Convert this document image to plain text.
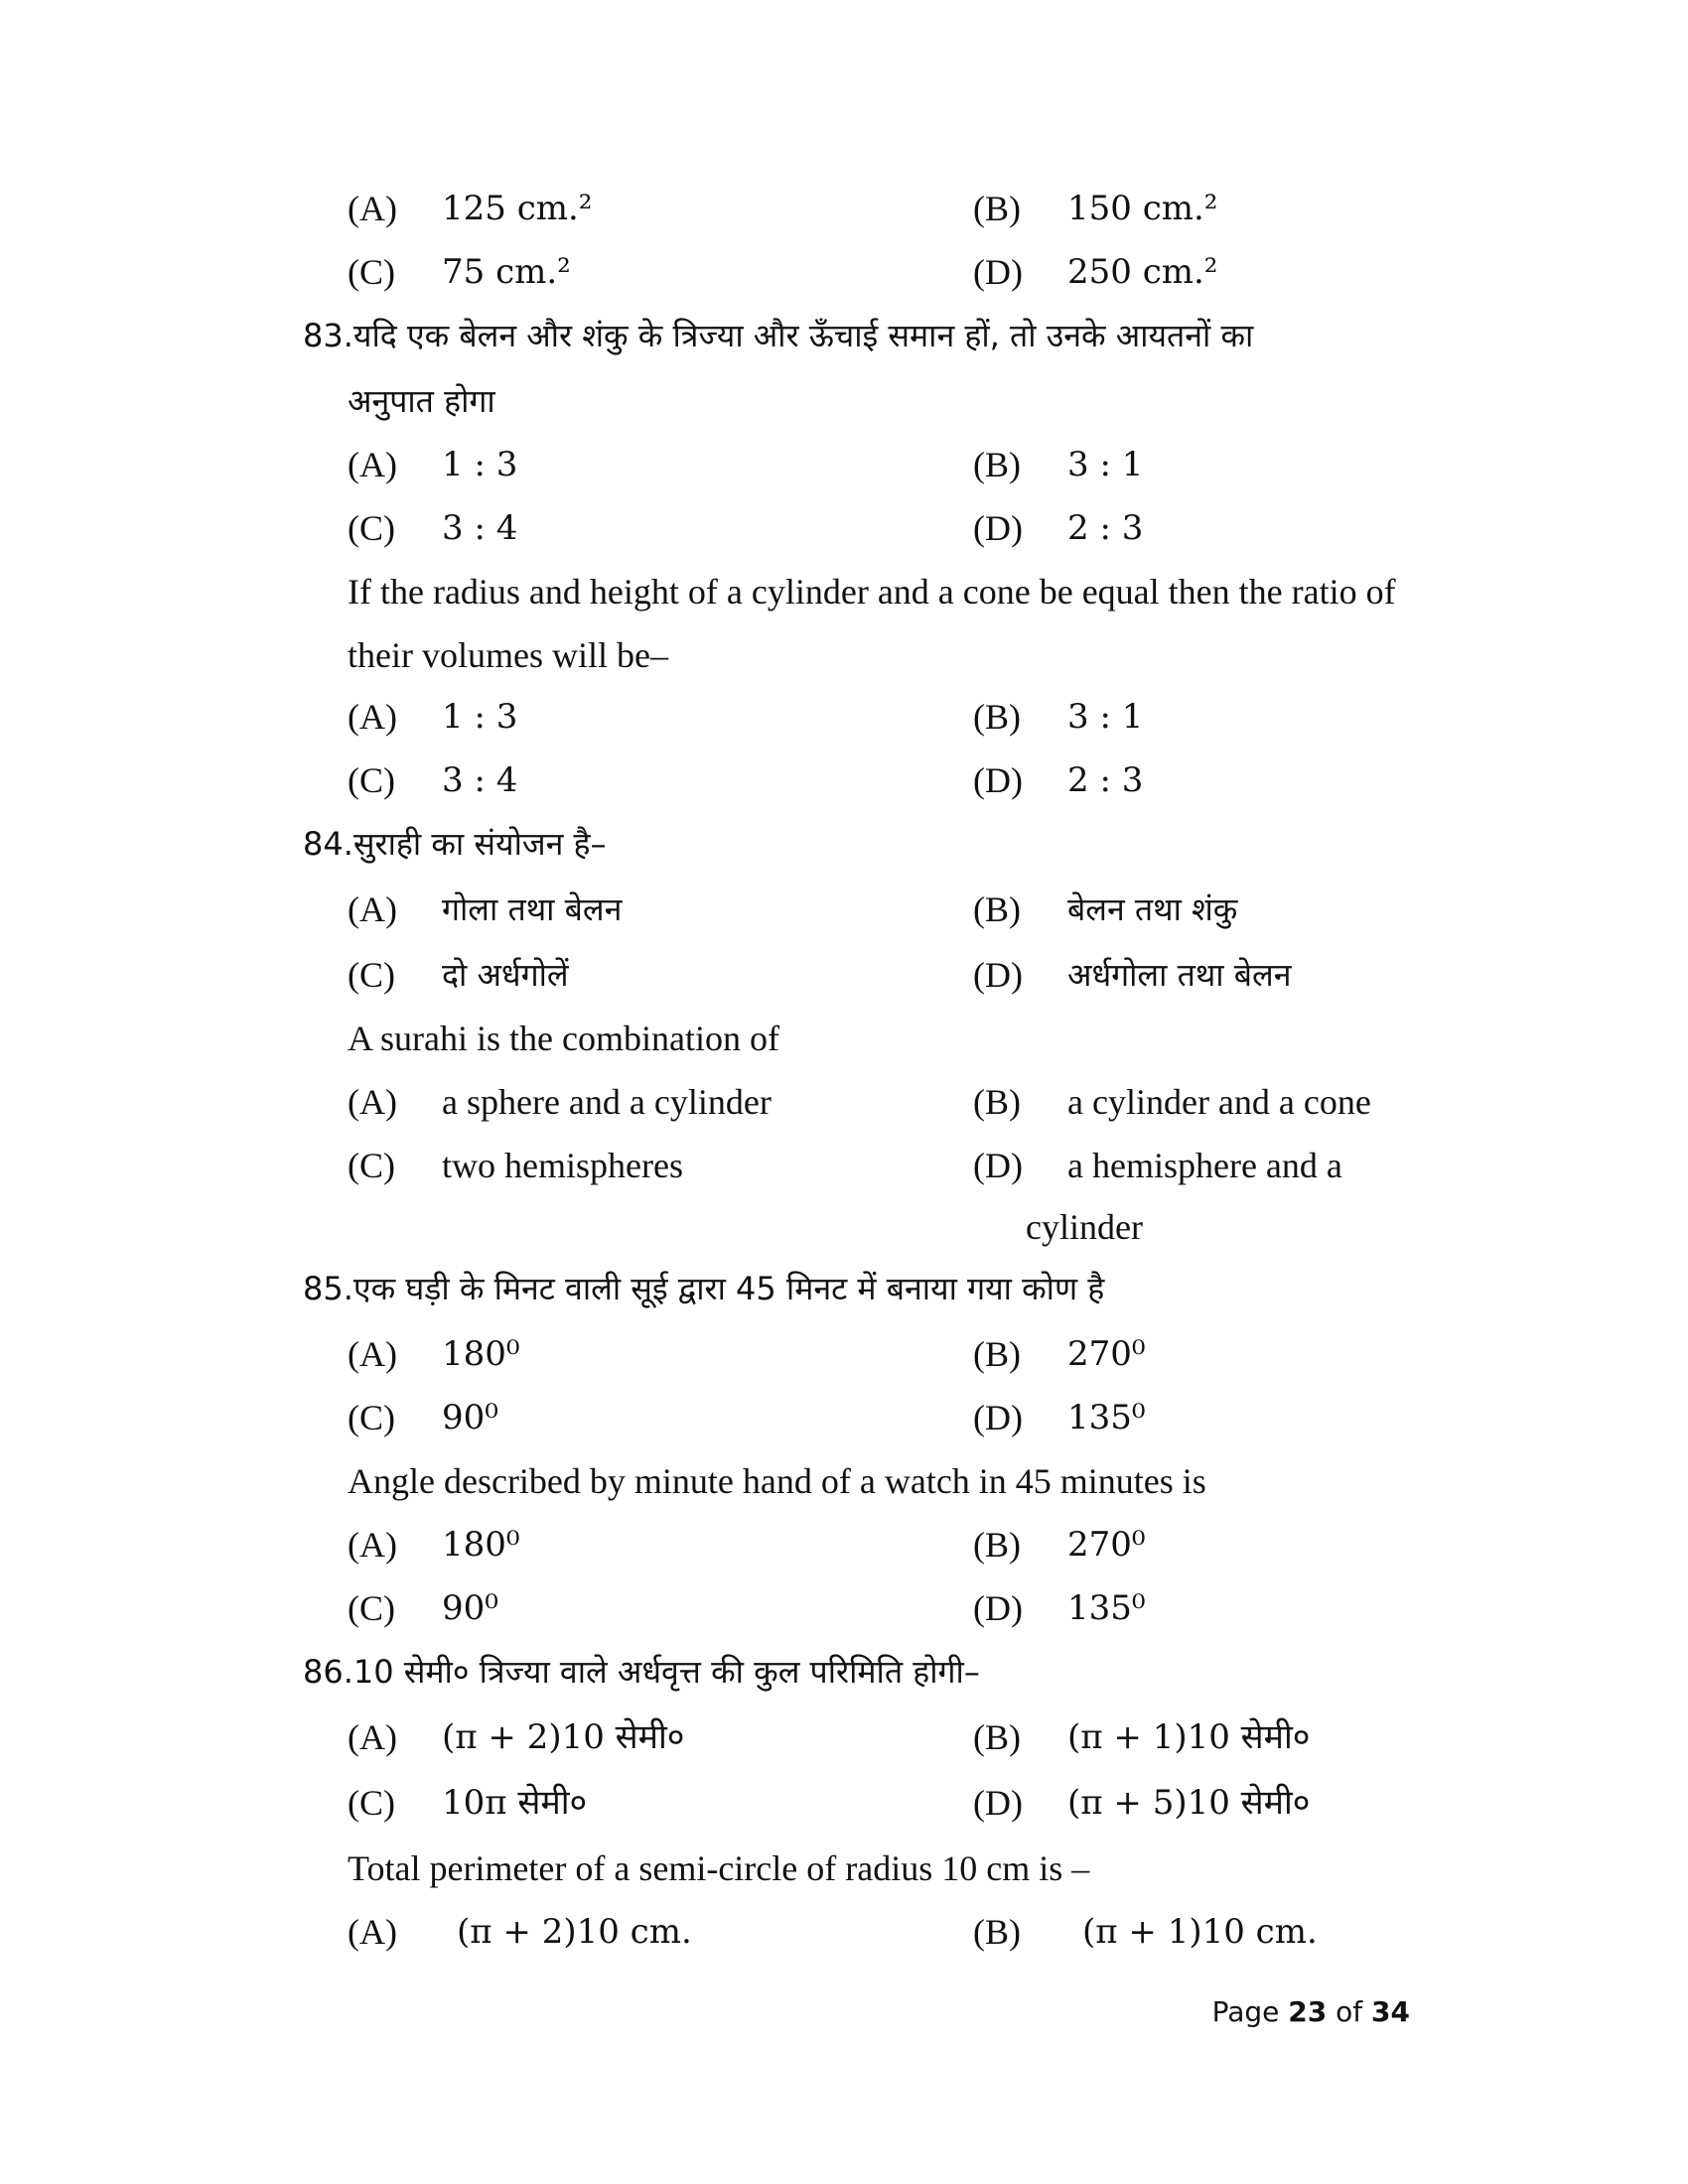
(A) 125 cm.²	(B) 150 cm.²
(C) 75 cm.²	(D) 250 cm.²
83.यदि एक बेलन और शंकु के त्रिज्या और ऊँचाई समान हों, तो उनके आयतनों का
अनुपात होगा
(A) 1 : 3	(B) 3 : 1
(C) 3 : 4	(D) 2 : 3
If the radius and height of a cylinder and a cone be equal then the ratio of
their volumes will be–
(A) 1 : 3	(B) 3 : 1
(C) 3 : 4	(D) 2 : 3
84.सुराही का संयोजन है–
(A) गोला तथा बेलन	(B) बेलन तथा शंकु
(C) दो अर्धगोलें	(D) अर्धगोला तथा बेलन
A surahi is the combination of
(A) a sphere and a cylinder	(B) a cylinder and a cone
(C) two hemispheres	(D) a hemisphere and a
cylinder
85.एक घड़ी के मिनट वाली सूई द्वारा 45 मिनट में बनाया गया कोण है
(A) 180⁰	(B) 270⁰
(C) 90⁰	(D) 135⁰
Angle described by minute hand of a watch in 45 minutes is
(A) 180⁰	(B) 270⁰
(C) 90⁰	(D) 135⁰
86.10 सेमी० त्रिज्या वाले अर्धवृत्त की कुल परिमिति होगी–
(A) (π + 2)10 सेमी०	(B) (π + 1)10 सेमी०
(C) 10π सेमी०	(D) (π + 5)10 सेमी०
Total perimeter of a semi-circle of radius 10 cm is –
(A) (π + 2)10 cm.	(B) (π + 1)10 cm.
Page 23 of 34
